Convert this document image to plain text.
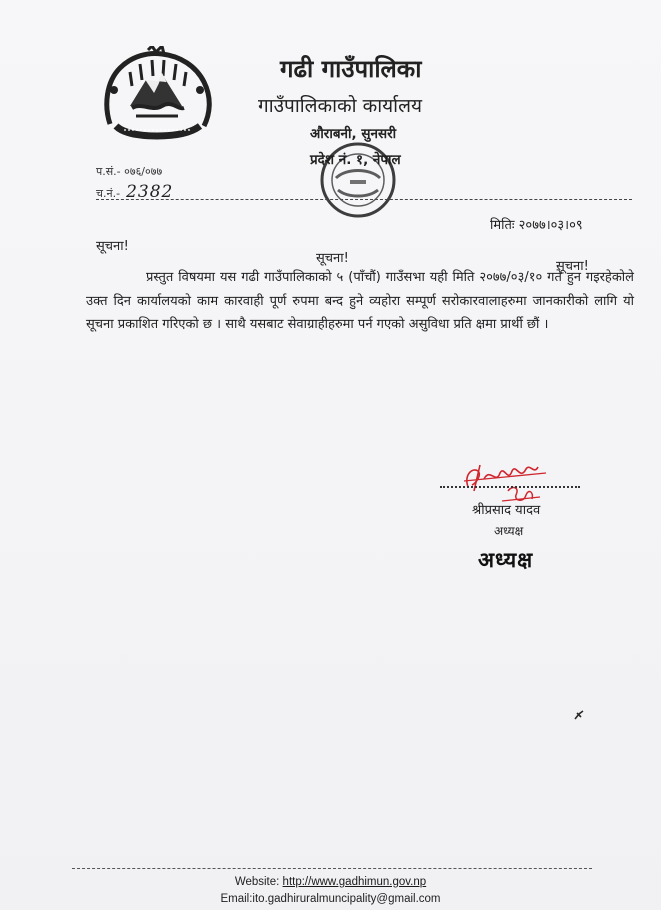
गढी गाउँपालिका
गाउँपालिकाको कार्यालय
औराबनी, सुनसरी
प्रदेश नं. १, नेपाल
प.सं.- ०७६/०७७
च.नं.- 2382
मितिः २०७७।०३।०९
सूचना!
सूचना!
सूचना!
प्रस्तुत विषयमा यस गढी गाउँपालिकाको ५ (पाँचौं) गाउँसभा यही मिति २०७७/०३/१० गते हुन गइरहेकोले उक्त दिन कार्यालयको काम कारवाही पूर्ण रुपमा बन्द हुने व्यहोरा सम्पूर्ण सरोकारवालाहरुमा जानकारीको लागि यो सूचना प्रकाशित गरिएको छ । साथै यसबाट सेवाग्राहीहरुमा पर्न गएको असुविधा प्रति क्षमा प्रार्थी छौं ।
श्रीप्रसाद यादव
अध्यक्ष
अध्यक्ष
Website: http://www.gadhimun.gov.np
Email:ito.gadhiruralmuncipality@gmail.com
